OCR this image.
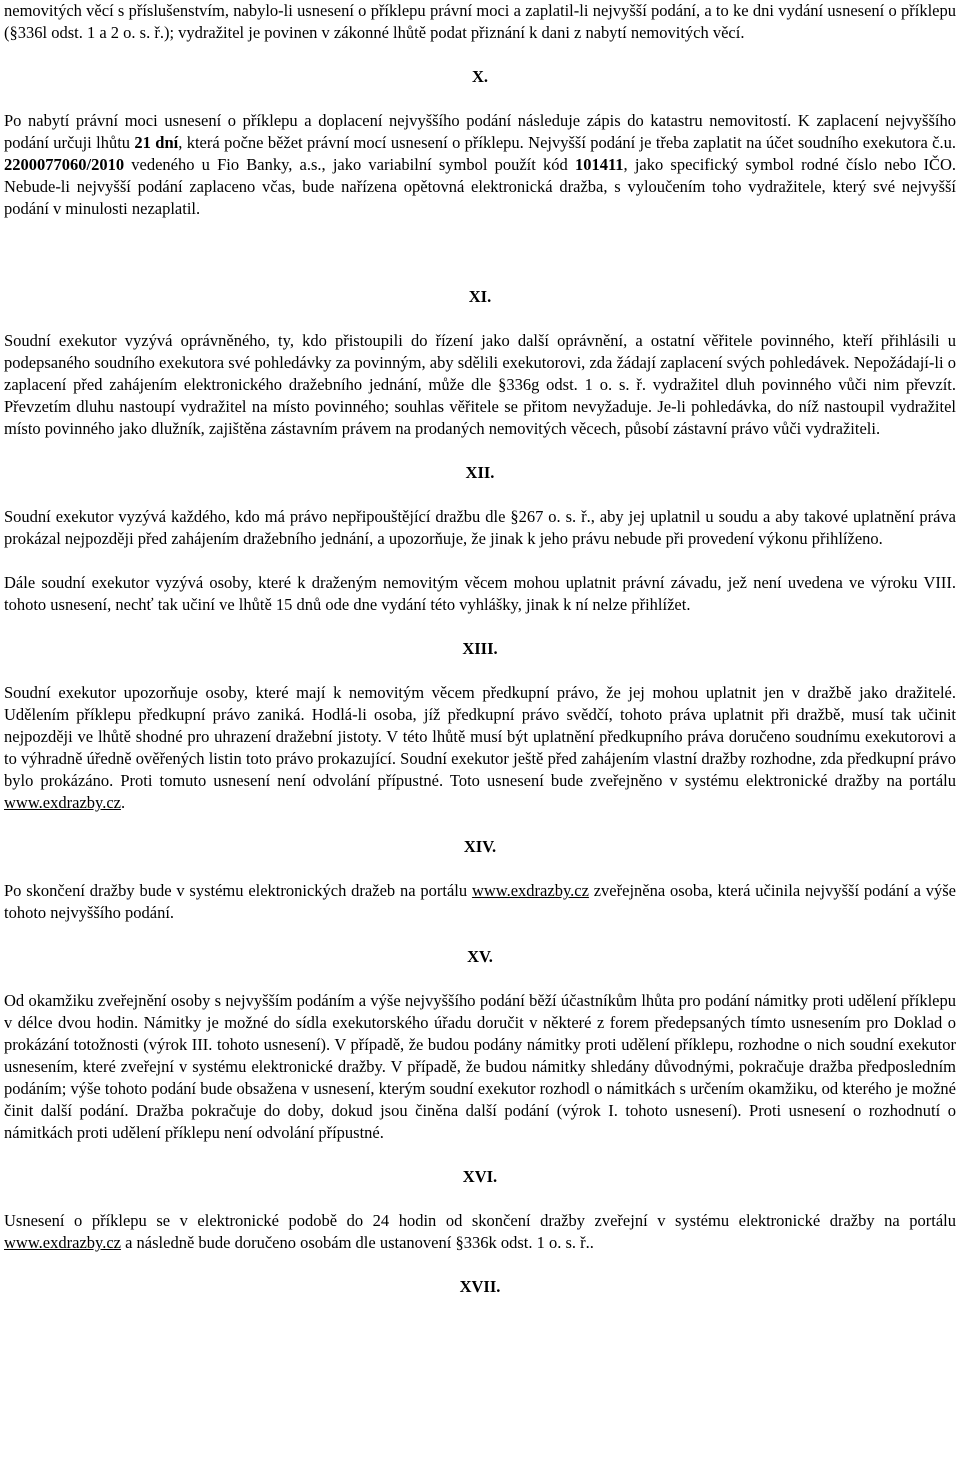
nemovitých věcí s příslušenstvím, nabylo-li usnesení o příklepu právní moci a zaplatil-li nejvyšší podání, a to ke dni vydání usnesení o příklepu (§336l odst. 1 a 2 o. s. ř.); vydražitel je povinen v zákonné lhůtě podat přiznání k dani z nabytí nemovitých věcí.

X.

Po nabytí právní moci usnesení o příklepu a doplacení nejvyššího podání následuje zápis do katastru nemovitostí. K zaplacení nejvyššího podání určuji lhůtu 21 dní, která počne běžet právní mocí usnesení o příklepu. Nejvyšší podání je třeba zaplatit na účet soudního exekutora č.u. 2200077060/2010 vedeného u Fio Banky, a.s., jako variabilní symbol použít kód 101411, jako specifický symbol rodné číslo nebo IČO. Nebude-li nejvyšší podání zaplaceno včas, bude nařízena opětovná elektronická dražba, s vyloučením toho vydražitele, který své nejvyšší podání v minulosti nezaplatil.

XI.

Soudní exekutor vyzývá oprávněného, ty, kdo přistoupili do řízení jako další oprávnění, a ostatní věřitele povinného, kteří přihlásili u podepsaného soudního exekutora své pohledávky za povinným, aby sdělili exekutorovi, zda žádají zaplacení svých pohledávek. Nepožádají-li o zaplacení před zahájením elektronického dražebního jednání, může dle §336g odst. 1 o. s. ř. vydražitel dluh povinného vůči nim převzít. Převzetím dluhu nastoupí vydražitel na místo povinného; souhlas věřitele se přitom nevyžaduje. Je-li pohledávka, do níž nastoupil vydražitel místo povinného jako dlužník, zajištěna zástavním právem na prodaných nemovitých věcech, působí zástavní právo vůči vydražiteli.

XII.

Soudní exekutor vyzývá každého, kdo má právo nepřipouštějící dražbu dle §267 o. s. ř., aby jej uplatnil u soudu a aby takové uplatnění práva prokázal nejpozději před zahájením dražebního jednání, a upozorňuje, že jinak k jeho právu nebude při provedení výkonu přihlíženo.

Dále soudní exekutor vyzývá osoby, které k draženým nemovitým věcem mohou uplatnit právní závadu, jež není uvedena ve výroku VIII. tohoto usnesení, nechť tak učiní ve lhůtě 15 dnů ode dne vydání této vyhlášky, jinak k ní nelze přihlížet.

XIII.

Soudní exekutor upozorňuje osoby, které mají k nemovitým věcem předkupní právo, že jej mohou uplatnit jen v dražbě jako dražitelé. Udělením příklepu předkupní právo zaniká. Hodlá-li osoba, jíž předkupní právo svědčí, tohoto práva uplatnit při dražbě, musí tak učinit nejpozději ve lhůtě shodné pro uhrazení dražební jistoty. V této lhůtě musí být uplatnění předkupního práva doručeno soudnímu exekutorovi a to výhradně úředně ověřených listin toto právo prokazující. Soudní exekutor ještě před zahájením vlastní dražby rozhodne, zda předkupní právo bylo prokázáno. Proti tomuto usnesení není odvolání přípustné. Toto usnesení bude zveřejněno v systému elektronické dražby na portálu www.exdrazby.cz.

XIV.

Po skončení dražby bude v systému elektronických dražeb na portálu www.exdrazby.cz zveřejněna osoba, která učinila nejvyšší podání a výše tohoto nejvyššího podání.

XV.

Od okamžiku zveřejnění osoby s nejvyšším podáním a výše nejvyššího podání běží účastníkům lhůta pro podání námitky proti udělení příklepu v délce dvou hodin. Námitky je možné do sídla exekutorského úřadu doručit v některé z forem předepsaných tímto usnesením pro Doklad o prokázání totožnosti (výrok III. tohoto usnesení). V případě, že budou podány námitky proti udělení příklepu, rozhodne o nich soudní exekutor usnesením, které zveřejní v systému elektronické dražby. V případě, že budou námitky shledány důvodnými, pokračuje dražba předposledním podáním; výše tohoto podání bude obsažena v usnesení, kterým soudní exekutor rozhodl o námitkách s určením okamžiku, od kterého je možné činit další podání. Dražba pokračuje do doby, dokud jsou činěna další podání (výrok I. tohoto usnesení). Proti usnesení o rozhodnutí o námitkách proti udělení příklepu není odvolání přípustné.

XVI.

Usnesení o příklepu se v elektronické podobě do 24 hodin od skončení dražby zveřejní v systému elektronické dražby na portálu www.exdrazby.cz a následně bude doručeno osobám dle ustanovení §336k odst. 1 o. s. ř..

XVII.
